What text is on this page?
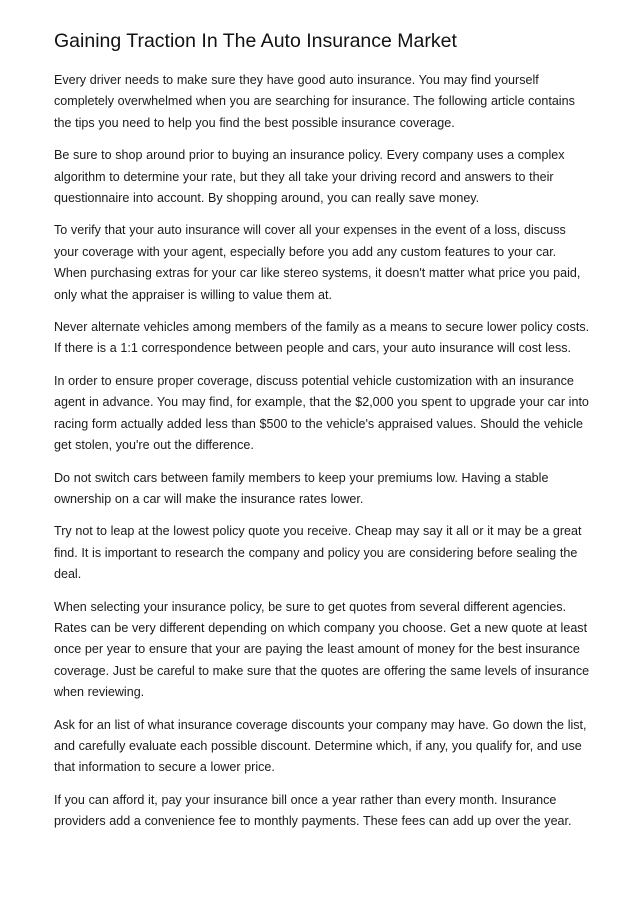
Gaining Traction In The Auto Insurance Market

Every driver needs to make sure they have good auto insurance. You may find yourself completely overwhelmed when you are searching for insurance. The following article contains the tips you need to help you find the best possible insurance coverage.

Be sure to shop around prior to buying an insurance policy. Every company uses a complex algorithm to determine your rate, but they all take your driving record and answers to their questionnaire into account. By shopping around, you can really save money.

To verify that your auto insurance will cover all your expenses in the event of a loss, discuss your coverage with your agent, especially before you add any custom features to your car. When purchasing extras for your car like stereo systems, it doesn't matter what price you paid, only what the appraiser is willing to value them at.

Never alternate vehicles among members of the family as a means to secure lower policy costs. If there is a 1:1 correspondence between people and cars, your auto insurance will cost less.

In order to ensure proper coverage, discuss potential vehicle customization with an insurance agent in advance. You may find, for example, that the $2,000 you spent to upgrade your car into racing form actually added less than $500 to the vehicle's appraised values. Should the vehicle get stolen, you're out the difference.

Do not switch cars between family members to keep your premiums low. Having a stable ownership on a car will make the insurance rates lower.

Try not to leap at the lowest policy quote you receive. Cheap may say it all or it may be a great find. It is important to research the company and policy you are considering before sealing the deal.

When selecting your insurance policy, be sure to get quotes from several different agencies. Rates can be very different depending on which company you choose. Get a new quote at least once per year to ensure that your are paying the least amount of money for the best insurance coverage. Just be careful to make sure that the quotes are offering the same levels of insurance when reviewing.

Ask for an list of what insurance coverage discounts your company may have. Go down the list, and carefully evaluate each possible discount. Determine which, if any, you qualify for, and use that information to secure a lower price.

If you can afford it, pay your insurance bill once a year rather than every month. Insurance providers add a convenience fee to monthly payments. These fees can add up over the year.
